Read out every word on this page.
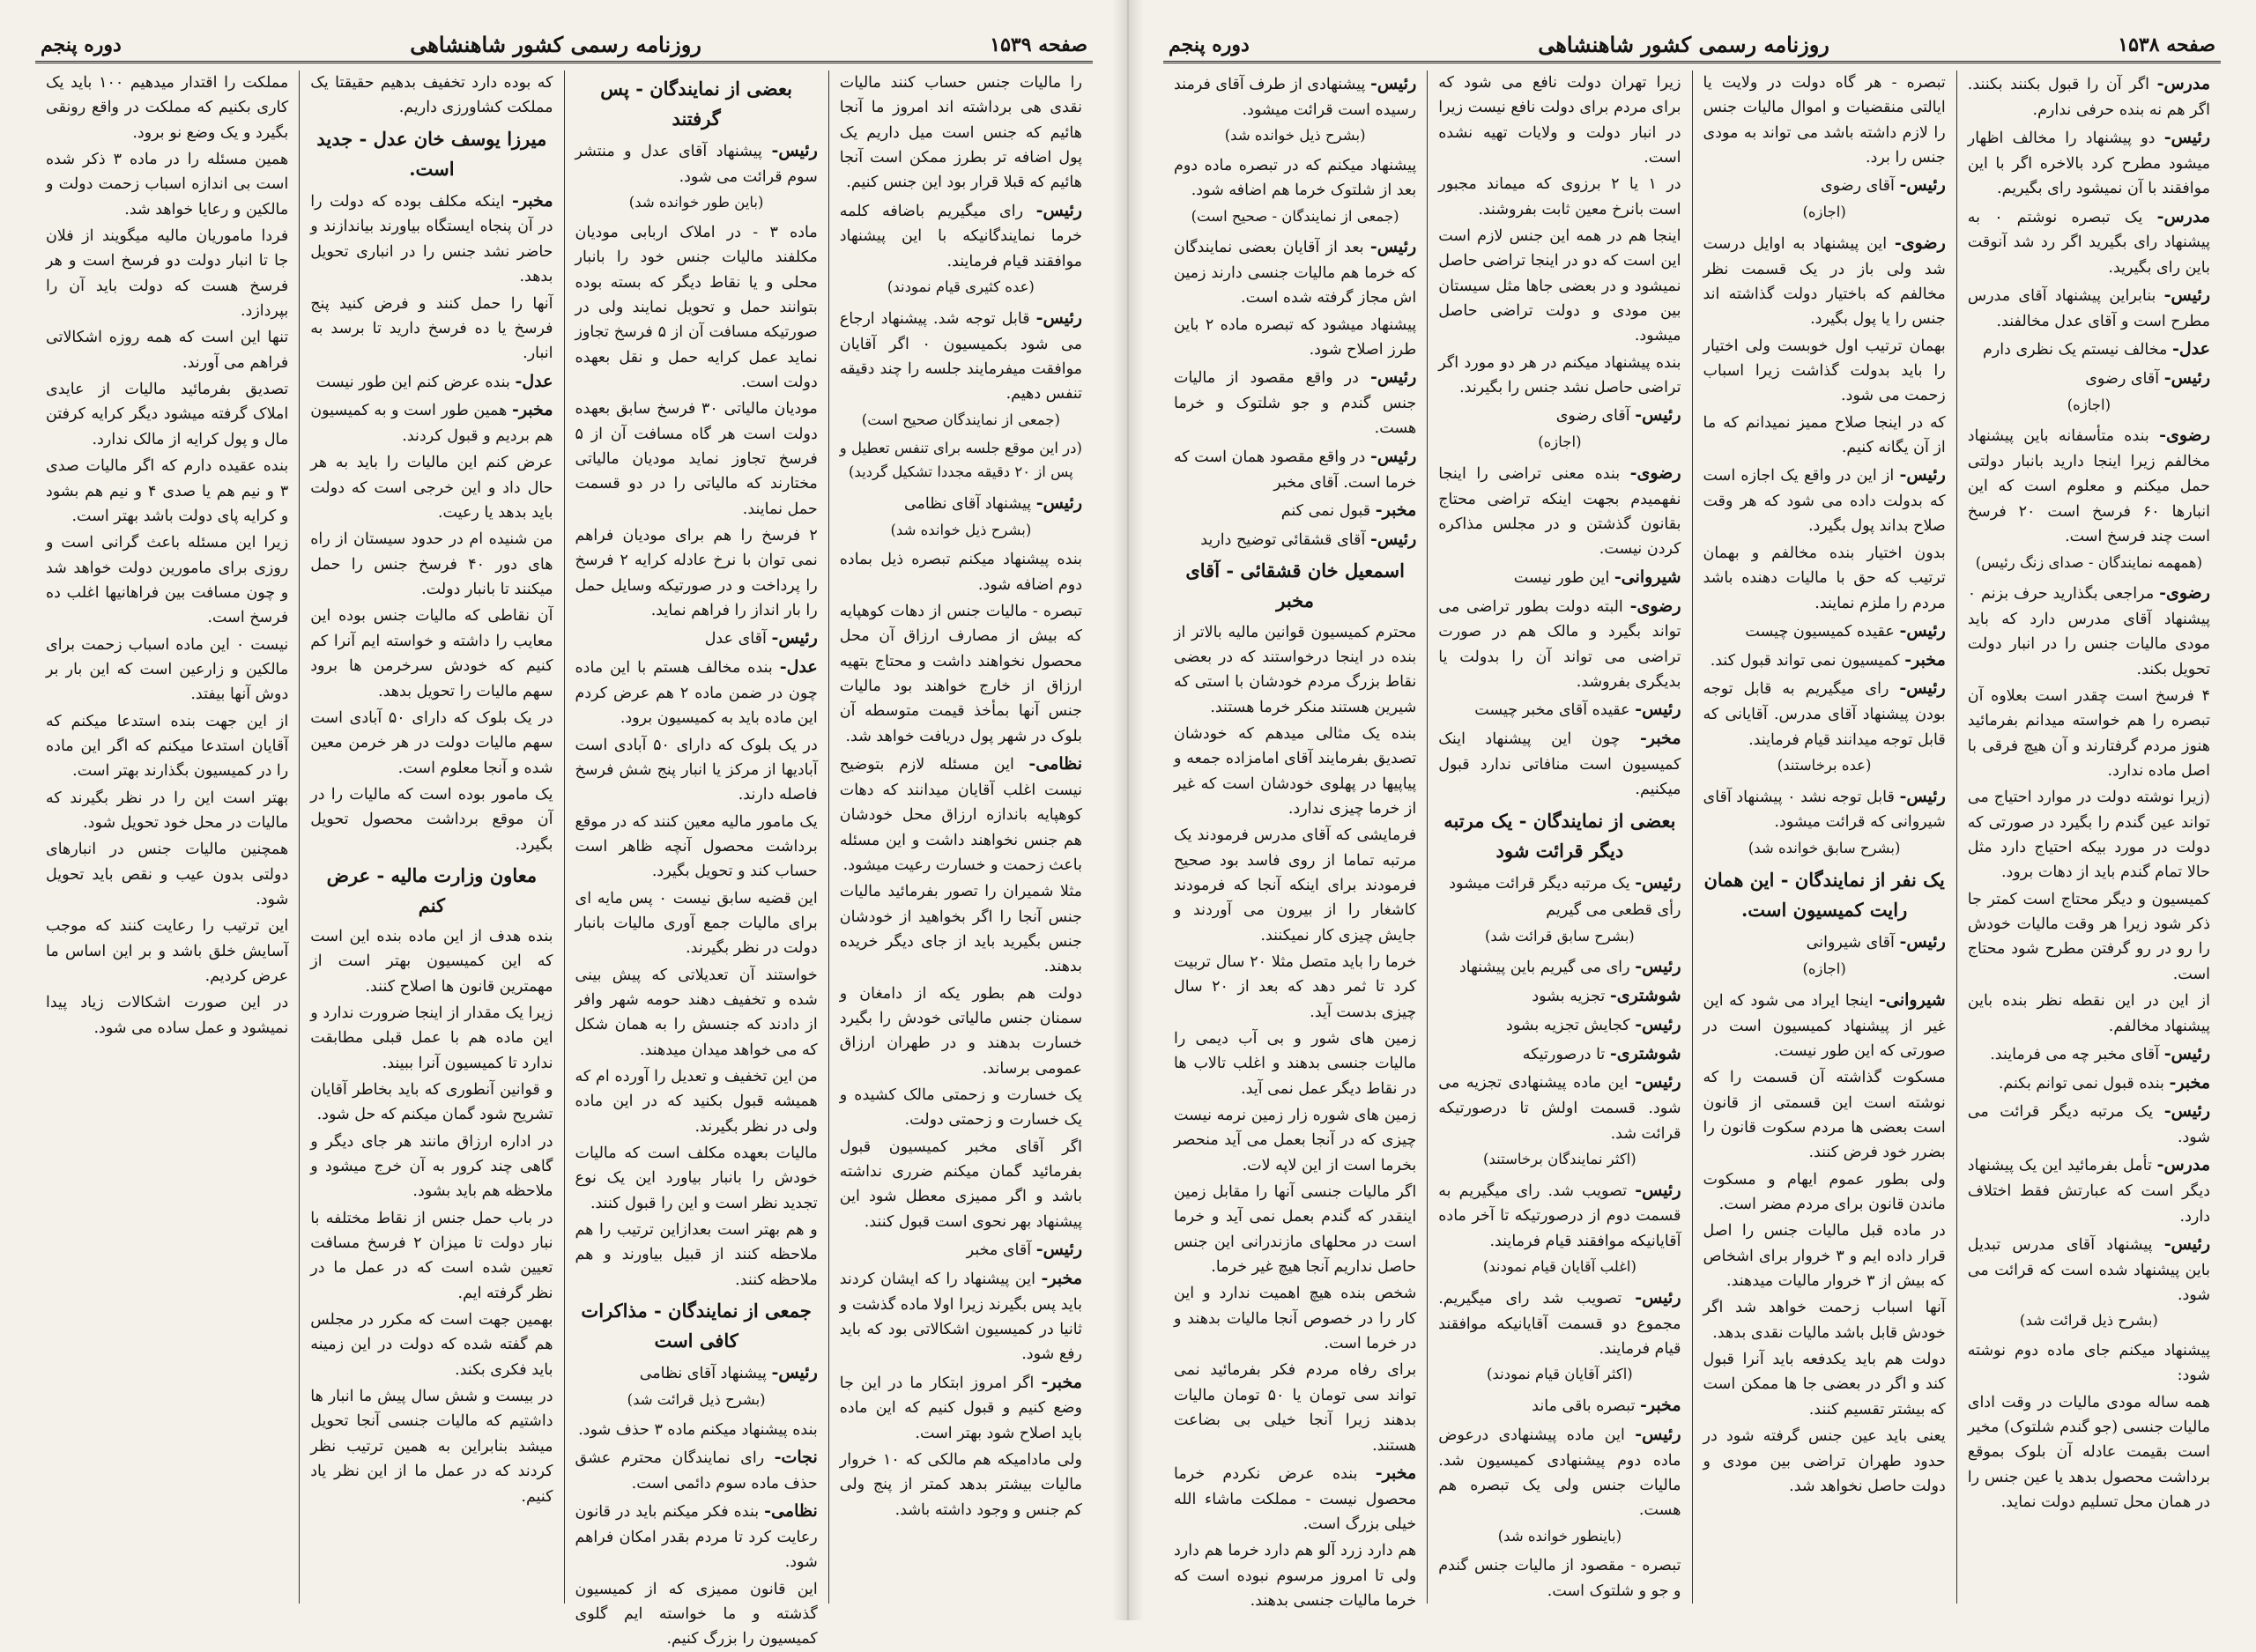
صفحه ۱۵۳۹
روزنامه رسمی کشور شاهنشاهی
دوره پنجم
را مالیات جنس حساب کنند مالیات نقدی هی برداشته اند امروز ما آنجا هائیم که جنس است میل داریم یک پول اضافه تر بطرز ممکن است آنجا هائیم که قبلا قرار بود این جنس کنیم.
رئیس- رای میگیریم باضافه کلمه خرما نمایندگانیکه با این پیشنهاد موافقند قیام فرمایند.
(عده کثیری قیام نمودند)
رئیس- قابل توجه شد. پیشنهاد ارجاع می شود بکمیسیون ۰ اگر آقایان موافقت میفرمایند جلسه را چند دقیقه تنفس دهیم.
(جمعی از نمایندگان صحیح است)
(در این موقع جلسه برای تنفس تعطیل و پس از ۲۰ دقیقه مجددا تشکیل گردید)
رئیس- پیشنهاد آقای نظامی
(بشرح ذیل خوانده شد)
بنده پیشنهاد میکنم تبصره ذیل بماده دوم اضافه شود.
تبصره - مالیات جنس از دهات کوهپایه که بیش از مصارف ارزاق آن محل محصول نخواهند داشت و محتاج بتهیه ارزاق از خارج خواهند بود مالیات جنس آنها بمأخذ قیمت متوسطه آن بلوک در شهر پول دریافت خواهد شد.
نظامی- این مسئله لازم بتوضیح نیست اغلب آقایان میدانند که دهات کوهپایه باندازه ارزاق محل خودشان هم جنس نخواهند داشت و این مسئله باعث زحمت و خسارت رعیت میشود.
مثلا شمیران را تصور بفرمائید مالیات جنس آنجا را اگر بخواهید از خودشان جنس بگیرید باید از جای دیگر خریده بدهند.
دولت هم بطور یکه از دامغان و سمنان جنس مالیاتی خودش را بگیرد خسارت بدهند و در طهران ارزاق عمومی برساند.
یک خسارت و زحمتی مالک کشیده و یک خسارت و زحمتی دولت.
اگر آقای مخبر کمیسیون قبول بفرمائید گمان میکنم ضرری نداشته باشد و اگر ممیزی معطل شود این پیشنهاد بهر نحوی است قبول کنند.
رئیس- آقای مخبر
مخبر- این پیشنهاد را که ایشان کردند باید پس بگیرند زیرا اولا ماده گذشت و ثانیا در کمیسیون اشکالاتی بود که باید رفع شود.
مخبر- اگر امروز ابتکار ما در این جا وضع کنیم و قبول کنیم که این ماده باید اصلاح شود بهتر است.
ولی مادامیکه هم مالکی که ۱۰ خروار مالیات بیشتر بدهد کمتر از پنج ولی کم جنس و وجود داشته باشد.
بعضی از نمایندگان - پس گرفتند
رئیس- پیشنهاد آقای عدل و منتشر سوم قرائت می شود.
(باین طور خوانده شد)
ماده ۳ - در املاک اربابی مودیان مکلفند مالیات جنس خود را بانبار محلی و یا نقاط دیگر که بسته بوده بتوانند حمل و تحویل نمایند ولی در صورتیکه مسافت آن از ۵ فرسخ تجاوز نماید عمل کرایه حمل و نقل بعهده دولت است.
مودیان مالیاتی ۳۰ فرسخ سابق بعهده دولت است هر گاه مسافت آن از ۵ فرسخ تجاوز نماید مودیان مالیاتی مختارند که مالیاتی را در دو قسمت حمل نمایند.
۲ فرسخ را هم برای مودیان فراهم نمی توان با نرخ عادله کرایه ۲ فرسخ را پرداخت و در صورتیکه وسایل حمل را بار انداز را فراهم نماید.
رئیس- آقای عدل
عدل- بنده مخالف هستم با این ماده چون در ضمن ماده ۲ هم عرض کردم این ماده باید به کمیسیون برود.
در یک بلوک که دارای ۵۰ آبادی است آبادیها از مرکز یا انبار پنج شش فرسخ فاصله دارند.
یک مامور مالیه معین کنند که در موقع برداشت محصول آنچه ظاهر است حساب کند و تحویل بگیرد.
این قضیه سابق نیست ۰ پس مایه ای برای مالیات جمع آوری مالیات بانبار دولت در نظر بگیرند.
خواستند آن تعدیلاتی که پیش بینی شده و تخفیف دهند حومه شهر وافر از دادند که جنسش را به همان شکل که می خواهد میدان میدهند.
من این تخفیف و تعدیل را آورده ام که همیشه قبول بکنید که در این ماده ولی در نظر بگیرند.
مالیات بعهده مکلف است که مالیات خودش را بانبار بیاورد این یک نوع تجدید نظر است و این را قبول کنند.
و هم بهتر است بعدازاین ترتیب را هم ملاحظه کنند از قبیل بیاورند و هم ملاحظه کنند.
جمعی از نمایندگان - مذاکرات کافی است
رئیس- پیشنهاد آقای نظامی
(بشرح ذیل قرائت شد)
بنده پیشنهاد میکنم ماده ۳ حذف شود.
نجات- رای نمایندگان محترم عشق حذف ماده سوم دائمی است.
نظامی- بنده فکر میکنم باید در قانون رعایت کرد تا مردم بقدر امکان فراهم شود.
این قانون ممیزی که از کمیسیون گذشته و ما خواسته ایم گلوی کمیسیون را بزرگ کنیم.
که بوده دارد تخفیف بدهیم حقیقتا یک مملکت کشاورزی داریم.
میرزا یوسف خان عدل - جدید است.
مخبر- اینکه مکلف بوده که دولت را در آن پنجاه ایستگاه بیاورند بیاندازند و حاضر نشد جنس را در انباری تحویل بدهد.
آنها را حمل کنند و فرض کنید پنج فرسخ یا ده فرسخ دارید تا برسد به انبار.
عدل- بنده عرض کنم این طور نیست
مخبر- همین طور است و به کمیسیون هم بردیم و قبول کردند.
عرض کنم این مالیات را باید به هر حال داد و این خرجی است که دولت باید بدهد یا رعیت.
من شنیده ام در حدود سیستان از راه های دور ۴۰ فرسخ جنس را حمل میکنند تا بانبار دولت.
آن نقاطی که مالیات جنس بوده این معایب را داشته و خواسته ایم آنرا کم کنیم که خودش سرخرمن ها برود سهم مالیات را تحویل بدهد.
در یک بلوک که دارای ۵۰ آبادی است سهم مالیات دولت در هر خرمن معین شده و آنجا معلوم است.
یک مامور بوده است که مالیات را در آن موقع برداشت محصول تحویل بگیرد.
معاون وزارت مالیه - عرض کنم
بنده هدف از این ماده بنده این است که این کمیسیون بهتر است از مهمترین قانون ها اصلاح کنند.
زیرا یک مقدار از اینجا ضرورت ندارد و این ماده هم با عمل قبلی مطابقت ندارد تا کمیسیون آنرا ببیند.
و قوانین آنطوری که باید بخاطر آقایان تشریح شود گمان میکنم که حل شود.
در اداره ارزاق مانند هر جای دیگر و گاهی چند کرور به آن خرج میشود و ملاحظه هم باید بشود.
در باب حمل جنس از نقاط مختلفه با نبار دولت تا میزان ۲ فرسخ مسافت تعیین شده است که در عمل ما در نظر گرفته ایم.
بهمین جهت است که مکرر در مجلس هم گفته شده که دولت در این زمینه باید فکری بکند.
در بیست و شش سال پیش ما انبار ها داشتیم که مالیات جنسی آنجا تحویل میشد بنابراین به همین ترتیب نظر کردند که در عمل ما از این نظر یاد کنیم.
مملکت را اقتدار میدهیم ۱۰۰ باید یک کاری بکنیم که مملکت در واقع رونقی بگیرد و یک وضع نو برود.
همین مسئله را در ماده ۳ ذکر شده است بی اندازه اسباب زحمت دولت و مالکین و رعایا خواهد شد.
فردا ماموریان مالیه میگویند از فلان جا تا انبار دولت دو فرسخ است و هر فرسخ هست که دولت باید آن را بپردازد.
تنها این است که همه روزه اشکالاتی فراهم می آورند.
تصدیق بفرمائید مالیات از عایدی املاک گرفته میشود دیگر کرایه کرفتن مال و پول کرایه از مالک ندارد.
بنده عقیده دارم که اگر مالیات صدی ۳ و نیم هم یا صدی ۴ و نیم هم بشود و کرایه پای دولت باشد بهتر است.
زیرا این مسئله باعث گرانی است و روزی برای مامورین دولت خواهد شد و چون مسافت بین فراهانیها اغلب ده فرسخ است.
نیست ۰ این ماده اسباب زحمت برای مالکین و زارعین است که این بار بر دوش آنها بیفتد.
از این جهت بنده استدعا میکنم که آقایان استدعا میکنم که اگر این ماده را در کمیسیون بگذارند بهتر است.
بهتر است این را در نظر بگیرند که مالیات در محل خود تحویل شود.
همچنین مالیات جنس در انبارهای دولتی بدون عیب و نقص باید تحویل شود.
این ترتیب را رعایت کنند که موجب آسایش خلق باشد و بر این اساس ما عرض کردیم.
در این صورت اشکالات زیاد پیدا نمیشود و عمل ساده می شود.
صفحه ۱۵۳۸
روزنامه رسمی کشور شاهنشاهی
دوره پنجم
مدرس- اگر آن را قبول بکنند بکنند. اگر هم نه بنده حرفی ندارم.
رئیس- دو پیشنهاد را مخالف اظهار میشود مطرح کرد بالاخره اگر با این موافقند با آن نمیشود رای بگیریم.
مدرس- یک تبصره نوشتم ۰ به پیشنهاد رای بگیرید اگر رد شد آنوقت باین رای بگیرید.
رئیس- بنابراین پیشنهاد آقای مدرس مطرح است و آقای عدل مخالفند.
عدل- مخالف نیستم یک نظری دارم
رئیس- آقای رضوی
(اجازه)
رضوی- بنده متأسفانه باین پیشنهاد مخالفم زیرا اینجا دارید بانبار دولتی حمل میکنم و معلوم است که این انبارها ۶۰ فرسخ است ۲۰ فرسخ است چند فرسخ است.
(همهمه نمایندگان - صدای زنگ رئیس)
رضوی- مراجعی بگذارید حرف بزنم ۰ پیشنهاد آقای مدرس دارد که باید مودی مالیات جنس را در انبار دولت تحویل بکند.
۴ فرسخ است چقدر است بعلاوه آن تبصره را هم خواسته میدانم بفرمائید هنوز مردم گرفتارند و آن هیچ فرقی با اصل ماده ندارد.
(زیرا نوشته دولت در موارد احتیاج می تواند عین گندم را بگیرد در صورتی که دولت در مورد بیکه احتیاج دارد مثل حالا تمام گندم باید از دهات برود.
کمیسیون و دیگر محتاج است کمتر جا ذکر شود زیرا هر وقت مالیات خودش را رو در رو گرفتن مطرح شود محتاج است.
از این در این نقطه نظر بنده باین پیشنهاد مخالفم.
رئیس- آقای مخبر چه می فرمایند.
مخبر- بنده قبول نمی توانم بکنم.
رئیس- یک مرتبه دیگر قرائت می شود.
مدرس- تأمل بفرمائید این یک پیشنهاد دیگر است که عبارتش فقط اختلاف دارد.
رئیس- پیشنهاد آقای مدرس تبدیل باین پیشنهاد شده است که قرائت می شود.
(بشرح ذیل قرائت شد)
پیشنهاد میکنم جای ماده دوم نوشته شود:
همه ساله مودی مالیات در وقت ادای مالیات جنسی (جو گندم شلتوک) مخیر است بقیمت عادله آن بلوک بموقع برداشت محصول بدهد یا عین جنس را در همان محل تسلیم دولت نماید.
تبصره - هر گاه دولت در ولایت یا ایالتی منقضیات و اموال مالیات جنس را لازم داشته باشد می تواند به مودی جنس را برد.
رئیس- آقای رضوی
(اجازه)
رضوی- این پیشنهاد به اوایل درست شد ولی باز در یک قسمت نظر مخالفم که باختیار دولت گذاشته اند جنس را یا پول بگیرد.
بهمان ترتیب اول خوبست ولی اختیار را باید بدولت گذاشت زیرا اسباب زحمت می شود.
که در اینجا صلاح ممیز نمیدانم که ما از آن یگانه کنیم.
رئیس- از این در واقع یک اجازه است که بدولت داده می شود که هر وقت صلاح بداند پول بگیرد.
بدون اختیار بنده مخالفم و بهمان ترتیب که حق با مالیات دهنده باشد مردم را ملزم نمایند.
رئیس- عقیده کمیسیون چیست
مخبر- کمیسیون نمی تواند قبول کند.
رئیس- رای میگیریم به قابل توجه بودن پیشنهاد آقای مدرس. آقایانی که قابل توجه میدانند قیام فرمایند.
(عده برخاستند)
رئیس- قابل توجه نشد ۰ پیشنهاد آقای شیروانی که قرائت میشود.
(بشرح سابق خوانده شد)
یک نفر از نمایندگان - این همان رایت کمیسیون است.
رئیس- آقای شیروانی
(اجازه)
شیروانی- اینجا ایراد می شود که این غیر از پیشنهاد کمیسیون است در صورتی که این طور نیست.
مسکوت گذاشته آن قسمت را که نوشته است این قسمتی از قانون است بعضی ها مردم سکوت قانون را بضرر خود فرض کنند.
ولی بطور عموم ایهام و مسکوت ماندن قانون برای مردم مضر است.
در ماده قبل مالیات جنس را اصل قرار داده ایم و ۳ خروار برای اشخاص که بیش از ۳ خروار مالیات میدهند.
آنها اسباب زحمت خواهد شد اگر خودش قابل باشد مالیات نقدی بدهد.
دولت هم باید یکدفعه باید آنرا قبول کند و اگر در بعضی جا ها ممکن است که بیشتر تقسیم کنند.
یعنی باید عین جنس گرفته شود در حدود طهران تراضی بین مودی و دولت حاصل نخواهد شد.
زیرا تهران دولت نافع می شود که برای مردم برای دولت نافع نیست زیرا در انبار دولت و ولایات تهیه نشده است.
در ۱ یا ۲ برزوی که میماند مجبور است بانرخ معین ثابت بفروشند.
اینجا هم در همه این جنس لازم است این است که دو در اینجا تراضی حاصل نمیشود و در بعضی جاها مثل سیستان بین مودی و دولت تراضی حاصل میشود.
بنده پیشنهاد میکنم در هر دو مورد اگر تراضی حاصل نشد جنس را بگیرند.
رئیس- آقای رضوی
(اجازه)
رضوی- بنده معنی تراضی را اینجا نفهمیدم بجهت اینکه تراضی محتاج بقانون گذشتن و در مجلس مذاکره کردن نیست.
شیروانی- این طور نیست
رضوی- البته دولت بطور تراضی می تواند بگیرد و مالک هم در صورت تراضی می تواند آن را بدولت یا بدیگری بفروشد.
رئیس- عقیده آقای مخبر چیست
مخبر- چون این پیشنهاد اینک کمیسیون است منافاتی ندارد قبول میکنیم.
بعضی از نمایندگان - یک مرتبه دیگر قرائت شود
رئیس- یک مرتبه دیگر قرائت میشود
رأی قطعی می گیریم
(بشرح سابق قرائت شد)
رئیس- رای می گیریم باین پیشنهاد
شوشتری- تجزیه بشود
رئیس- کجایش تجزیه بشود
شوشتری- تا درصورتیکه
رئیس- این ماده پیشنهادی تجزیه می شود. قسمت اولش تا درصورتیکه قرائت شد.
(اکثر نمایندگان برخاستند)
رئیس- تصویب شد. رای میگیریم به قسمت دوم از درصورتیکه تا آخر ماده آقایانیکه موافقند قیام فرمایند.
(اغلب آقایان قیام نمودند)
رئیس- تصویب شد رای میگیریم. مجموع دو قسمت آقایانیکه موافقند قیام فرمایند.
(اکثر آقایان قیام نمودند)
مخبر- تبصره باقی ماند
رئیس- این ماده پیشنهادی درعوض ماده دوم پیشنهادی کمیسیون شد. مالیات جنس ولی یک تبصره هم هست.
(باینطور خوانده شد)
تبصره - مقصود از مالیات جنس گندم و جو و شلتوک است.
رئیس- پیشنهادی از طرف آقای فرمند رسیده است قرائت میشود.
(بشرح ذیل خوانده شد)
پیشنهاد میکنم که در تبصره ماده دوم بعد از شلتوک خرما هم اضافه شود.
(جمعی از نمایندگان - صحیح است)
رئیس- بعد از آقایان بعضی نمایندگان که خرما هم مالیات جنسی دارند زمین اش مجاز گرفته شده است.
پیشنهاد میشود که تبصره ماده ۲ باین طرز اصلاح شود.
رئیس- در واقع مقصود از مالیات جنس گندم و جو شلتوک و خرما هست.
رئیس- در واقع مقصود همان است که خرما است. آقای مخبر
مخبر- قبول نمی کنم
رئیس- آقای قشقائی توضیح دارید
اسمعیل خان قشقائی - آقای مخبر
محترم کمیسیون قوانین مالیه بالاتر از بنده در اینجا درخواستند که در بعضی نقاط بزرگ مردم خودشان با استی که شیرین هستند منکر خرما هستند.
بنده یک مثالی میدهم که خودشان تصدیق بفرمایند آقای امامزاده جمعه و پیاپیها در پهلوی خودشان است که غیر از خرما چیزی ندارد.
فرمایشی که آقای مدرس فرمودند یک مرتبه تماما از روی فاسد بود صحیح فرمودند برای اینکه آنجا که فرمودند کاشغار را از بیرون می آوردند و جایش چیزی کار نمیکنند.
خرما را باید متصل مثلا ۲۰ سال تربیت کرد تا ثمر دهد که بعد از ۲۰ سال چیزی بدست آید.
زمین های شور و بی آب دیمی را مالیات جنسی بدهند و اغلب تالاب ها در نقاط دیگر عمل نمی آید.
زمین های شوره زار زمین نرمه نیست چیزی که در آنجا بعمل می آید منحصر بخرما است از این لاپه لات.
اگر مالیات جنسی آنها را مقابل زمین اینقدر که گندم بعمل نمی آید و خرما است در محلهای مازندرانی این جنس حاصل نداریم آنجا هیچ غیر خرما.
شخص بنده هیچ اهمیت ندارد و این کار را در خصوص آنجا مالیات بدهند و در خرما است.
برای رفاه مردم فکر بفرمائید نمی تواند سی تومان یا ۵۰ تومان مالیات بدهند زیرا آنجا خیلی بی بضاعت هستند.
مخبر- بنده عرض نکردم خرما محصول نیست - مملکت ماشاء الله خیلی بزرگ است.
هم دارد زرد آلو هم دارد خرما هم دارد ولی تا امروز مرسوم نبوده است که خرما مالیات جنسی بدهند.
